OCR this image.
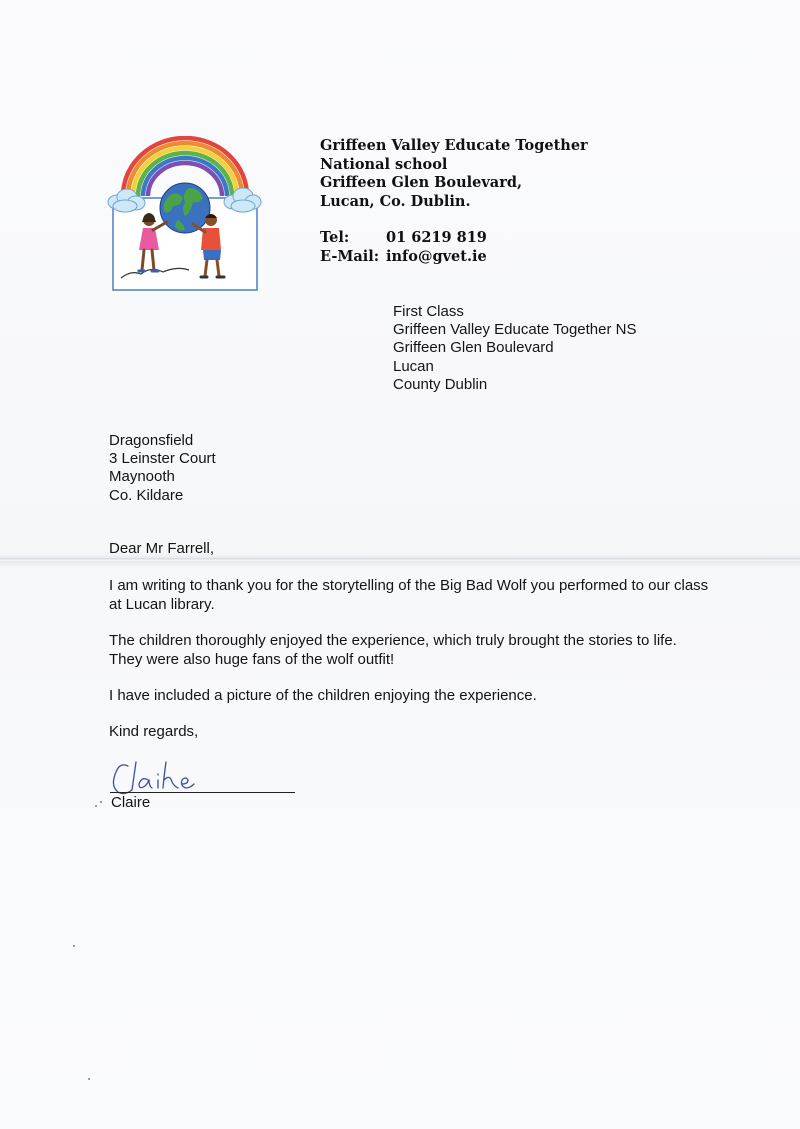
Griffeen Valley Educate Together
National school
Griffeen Glen Boulevard,
Lucan, Co. Dublin.
Tel:	01 6219 819
E-Mail: info@gvet.ie
First Class
Griffeen Valley Educate Together NS
Griffeen Glen Boulevard
Lucan
County Dublin
Dragonsfield
3 Leinster Court
Maynooth
Co. Kildare

Dear Mr Farrell,

I am writing to thank you for the storytelling of the Big Bad Wolf you performed to our class at Lucan library.

The children thoroughly enjoyed the experience, which truly brought the stories to life. They were also huge fans of the wolf outfit!

I have included a picture of the children enjoying the experience.

Kind regards,

Claire
